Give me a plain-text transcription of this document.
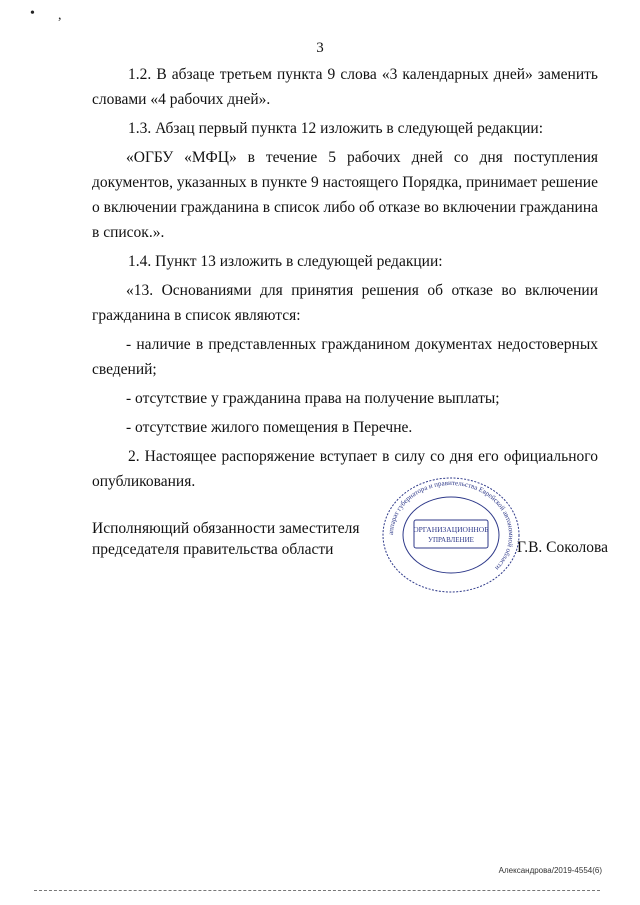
• ,
3

1.2. В абзаце третьем пункта 9 слова «3 календарных дней» заменить словами «4 рабочих дней».

1.3. Абзац первый пункта 12 изложить в следующей редакции:

«ОГБУ «МФЦ» в течение 5 рабочих дней со дня поступления документов, указанных в пункте 9 настоящего Порядка, принимает решение о включении гражданина в список либо об отказе во включении гражданина в список.».

1.4. Пункт 13 изложить в следующей редакции:

«13. Основаниями для принятия решения об отказе во включении гражданина в список являются:

- наличие в представленных гражданином документах недостоверных сведений;

- отсутствие у гражданина права на получение выплаты;

- отсутствие жилого помещения в Перечне.

2. Настоящее распоряжение вступает в силу со дня его официального опубликования.

Исполняющий обязанности заместителя
председателя правительства области
аппарат губернатора и правительства Еврейской автономной области
ОРГАНИЗАЦИОННОЕ
УПРАВЛЕНИЕ	Г.В. Соколова
Александрова/2019-4554(6)
